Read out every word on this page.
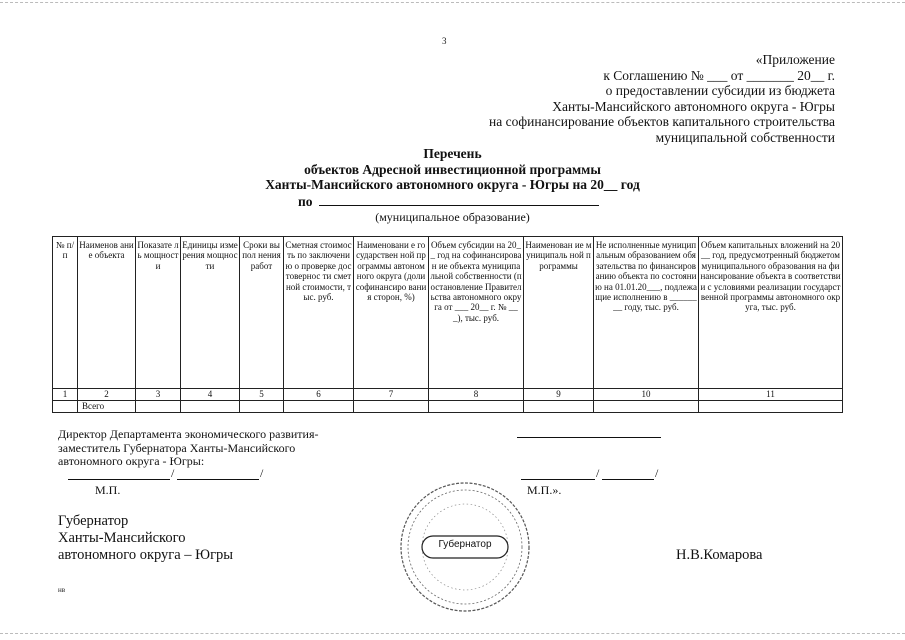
3
«Приложение
к Соглашению № ___ от _______ 20__ г.
о предоставлении субсидии из бюджета
Ханты-Мансийского автономного округа - Югры
на софинансирование объектов капитального строительства
муниципальной собственности
Перечень
объектов Адресной инвестиционной программы
Ханты-Мансийского автономного округа - Югры на 20__ год
по
(муниципальное образование)
№ п/п	Наименов ание объекта	Показате ль мощност и	Единицы измерения мощности	Сроки выпол нения работ	Сметная стоимость по заключени ю о проверке достовернос ти сметной стоимости, тыс. руб.	Наименовани е государствен ной программы автономного округа (доли софинансиро вания сторон, %)	Объем субсидии на 20__ год на софинансирован ие объекта муниципальной собственности (постановление Правительства автономного округа от ___ 20__ г. № ___), тыс. руб.	Наименован ие муниципаль ной программы	Не исполненные муниципальным образованием обязательства по финансированию объекта по состоянию на 01.01.20___, подлежащие исполнению в ________ году, тыс. руб.	Объем капитальных вложений на 20__ год, предусмотренный бюджетом муниципального образования на финансирование объекта в соответствии с условиями реализации государственной программы автономного округа, тыс. руб.
1	2	3	4	5	6	7	8	9	10	11
	Всего									
Директор Департамента экономического развития-
заместитель Губернатора Ханты-Мансийского
автономного округа - Югры:
/	/	/	/
М.П.	М.П.».
Губернатор
Ханты-Мансийского
автономного округа – Югры	Н.В.Комарова
Губернатор
нв
